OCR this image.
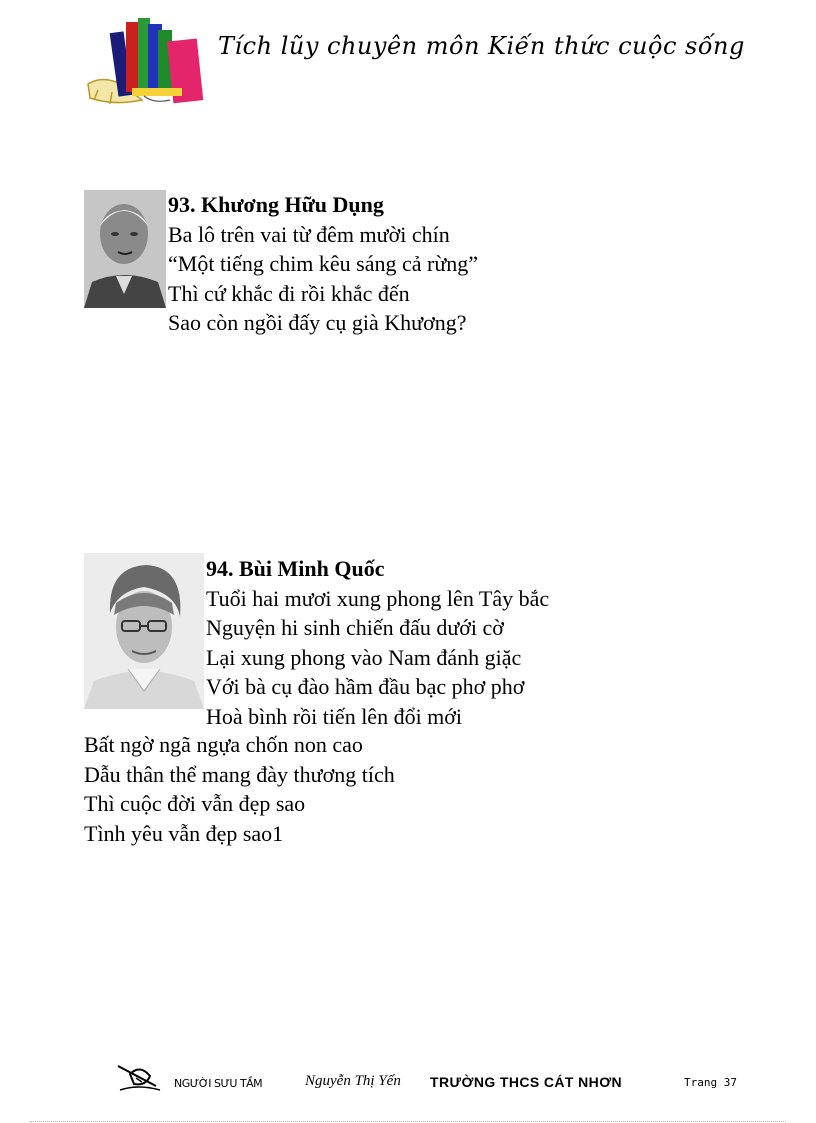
Tích lũy chuyên môn Kiến thức cuộc sống
93. Khương Hữu Dụng
Ba lô trên vai từ đêm mười chín
“Một tiếng chim kêu sáng cả rừng”
Thì cứ khắc đi rồi khắc đến
Sao còn ngồi đấy cụ già Khương?
94. Bùi Minh Quốc
Tuổi hai mươi xung phong lên Tây bắc
Nguyện hi sinh chiến đấu dưới cờ
Lại xung phong vào Nam đánh giặc
Với bà cụ đào hầm đầu bạc phơ phơ
Hoà bình rồi tiến lên đổi mới
Bất ngờ ngã ngựa chốn non cao
Dẫu thân thể mang đày thương tích
Thì cuộc đời vẫn đẹp sao
Tình yêu vẫn đẹp sao1
NGƯỜI SƯU TẦM	Nguyễn Thị Yến TRƯỜNG THCS CÁT NHƠN	Trang 37
